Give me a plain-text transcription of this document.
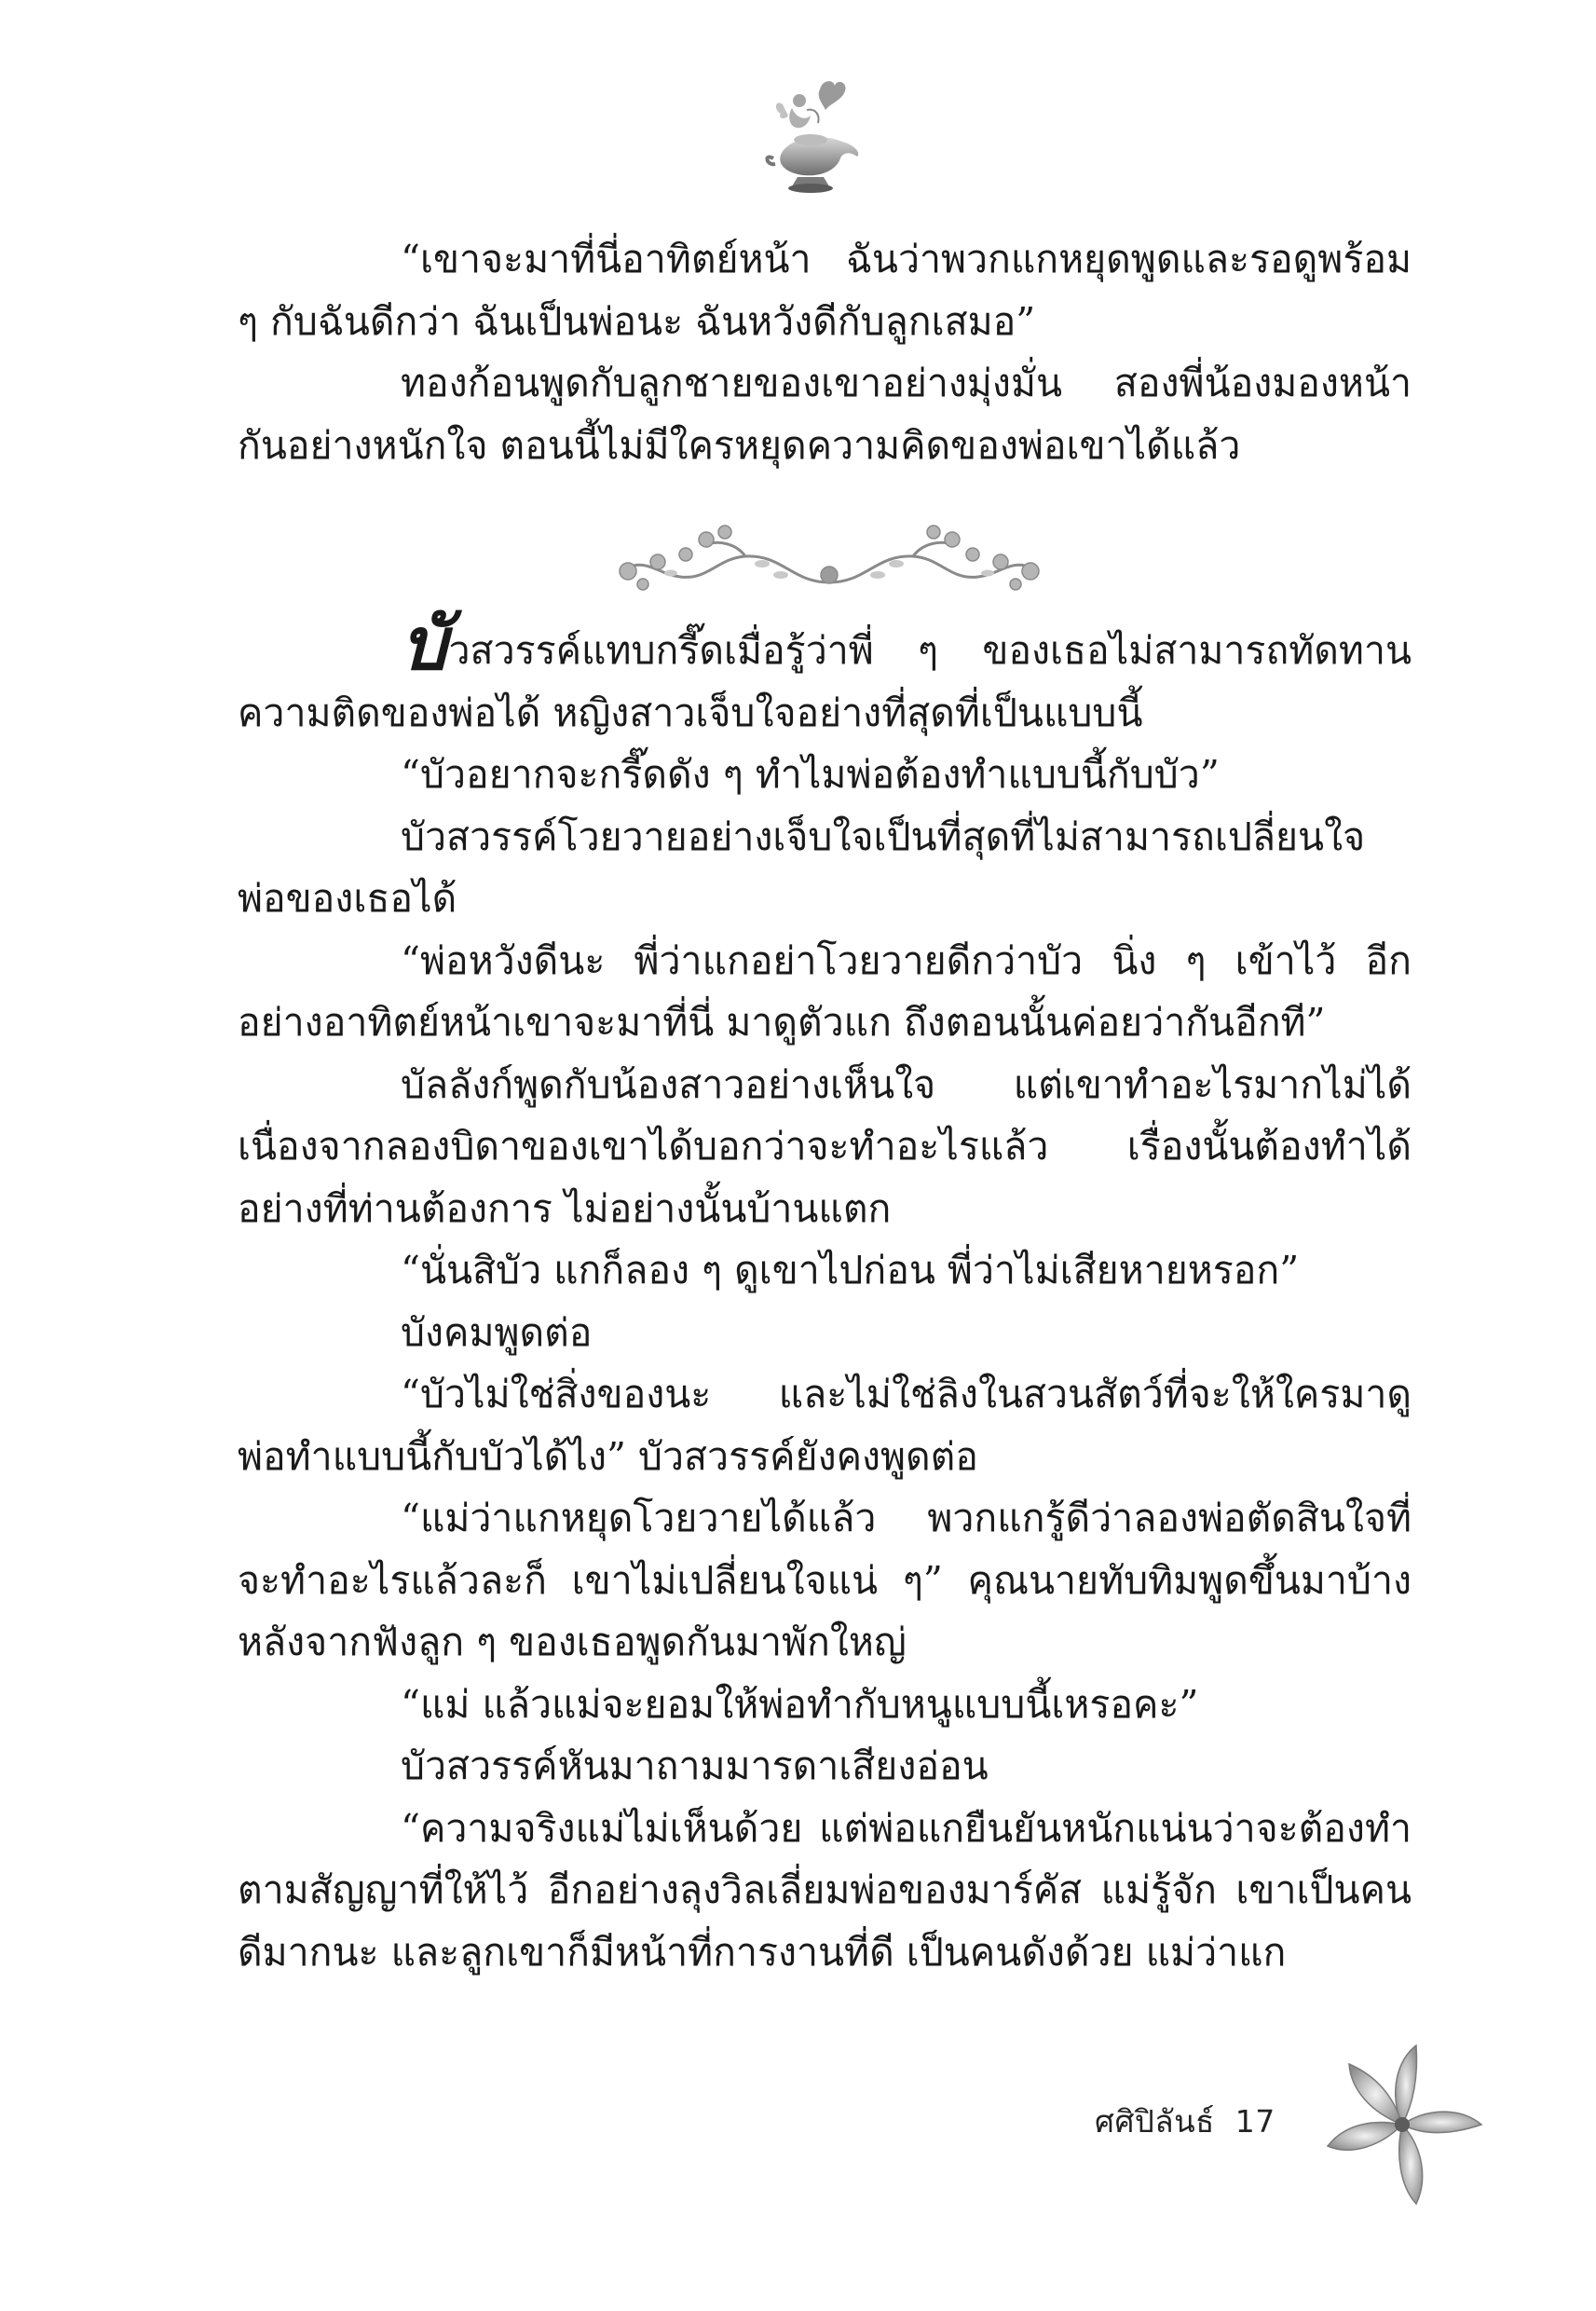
“เขาจะมาที่นี่อาทิตย์หน้า ฉันว่าพวกแกหยุดพูดและรอดูพร้อม ๆ กับฉันดีกว่า ฉันเป็นพ่อนะ ฉันหวังดีกับลูกเสมอ”

ทองก้อนพูดกับลูกชายของเขาอย่างมุ่งมั่น สองพี่น้องมองหน้ากันอย่างหนักใจ ตอนนี้ไม่มีใครหยุดความคิดของพ่อเขาได้แล้ว

บัวสวรรค์แทบกรี๊ดเมื่อรู้ว่าพี่ ๆ ของเธอไม่สามารถทัดทานความติดของพ่อได้ หญิงสาวเจ็บใจอย่างที่สุดที่เป็นแบบนี้

“บัวอยากจะกรี๊ดดัง ๆ ทำไมพ่อต้องทำแบบนี้กับบัว”

บัวสวรรค์โวยวายอย่างเจ็บใจเป็นที่สุดที่ไม่สามารถเปลี่ยนใจพ่อของเธอได้

“พ่อหวังดีนะ พี่ว่าแกอย่าโวยวายดีกว่าบัว นิ่ง ๆ เข้าไว้ อีกอย่างอาทิตย์หน้าเขาจะมาที่นี่ มาดูตัวแก ถึงตอนนั้นค่อยว่ากันอีกที”

บัลลังก์พูดกับน้องสาวอย่างเห็นใจ แต่เขาทำอะไรมากไม่ได้เนื่องจากลองบิดาของเขาได้บอกว่าจะทำอะไรแล้ว เรื่องนั้นต้องทำได้อย่างที่ท่านต้องการ ไม่อย่างนั้นบ้านแตก

“นั่นสิบัว แกก็ลอง ๆ ดูเขาไปก่อน พี่ว่าไม่เสียหายหรอก”

บังคมพูดต่อ

“บัวไม่ใช่สิ่งของนะ และไม่ใช่ลิงในสวนสัตว์ที่จะให้ใครมาดู พ่อทำแบบนี้กับบัวได้ไง” บัวสวรรค์ยังคงพูดต่อ

“แม่ว่าแกหยุดโวยวายได้แล้ว พวกแกรู้ดีว่าลองพ่อตัดสินใจที่จะทำอะไรแล้วละก็ เขาไม่เปลี่ยนใจแน่ ๆ” คุณนายทับทิมพูดขึ้นมาบ้างหลังจากฟังลูก ๆ ของเธอพูดกันมาพักใหญ่

“แม่ แล้วแม่จะยอมให้พ่อทำกับหนูแบบนี้เหรอคะ”

บัวสวรรค์หันมาถามมารดาเสียงอ่อน

“ความจริงแม่ไม่เห็นด้วย แต่พ่อแกยืนยันหนักแน่นว่าจะต้องทำตามสัญญาที่ให้ไว้ อีกอย่างลุงวิลเลี่ยมพ่อของมาร์คัส แม่รู้จัก เขาเป็นคนดีมากนะ และลูกเขาก็มีหน้าที่การงานที่ดี เป็นคนดังด้วย แม่ว่าแก

ศศิปิลันธ์ 17
